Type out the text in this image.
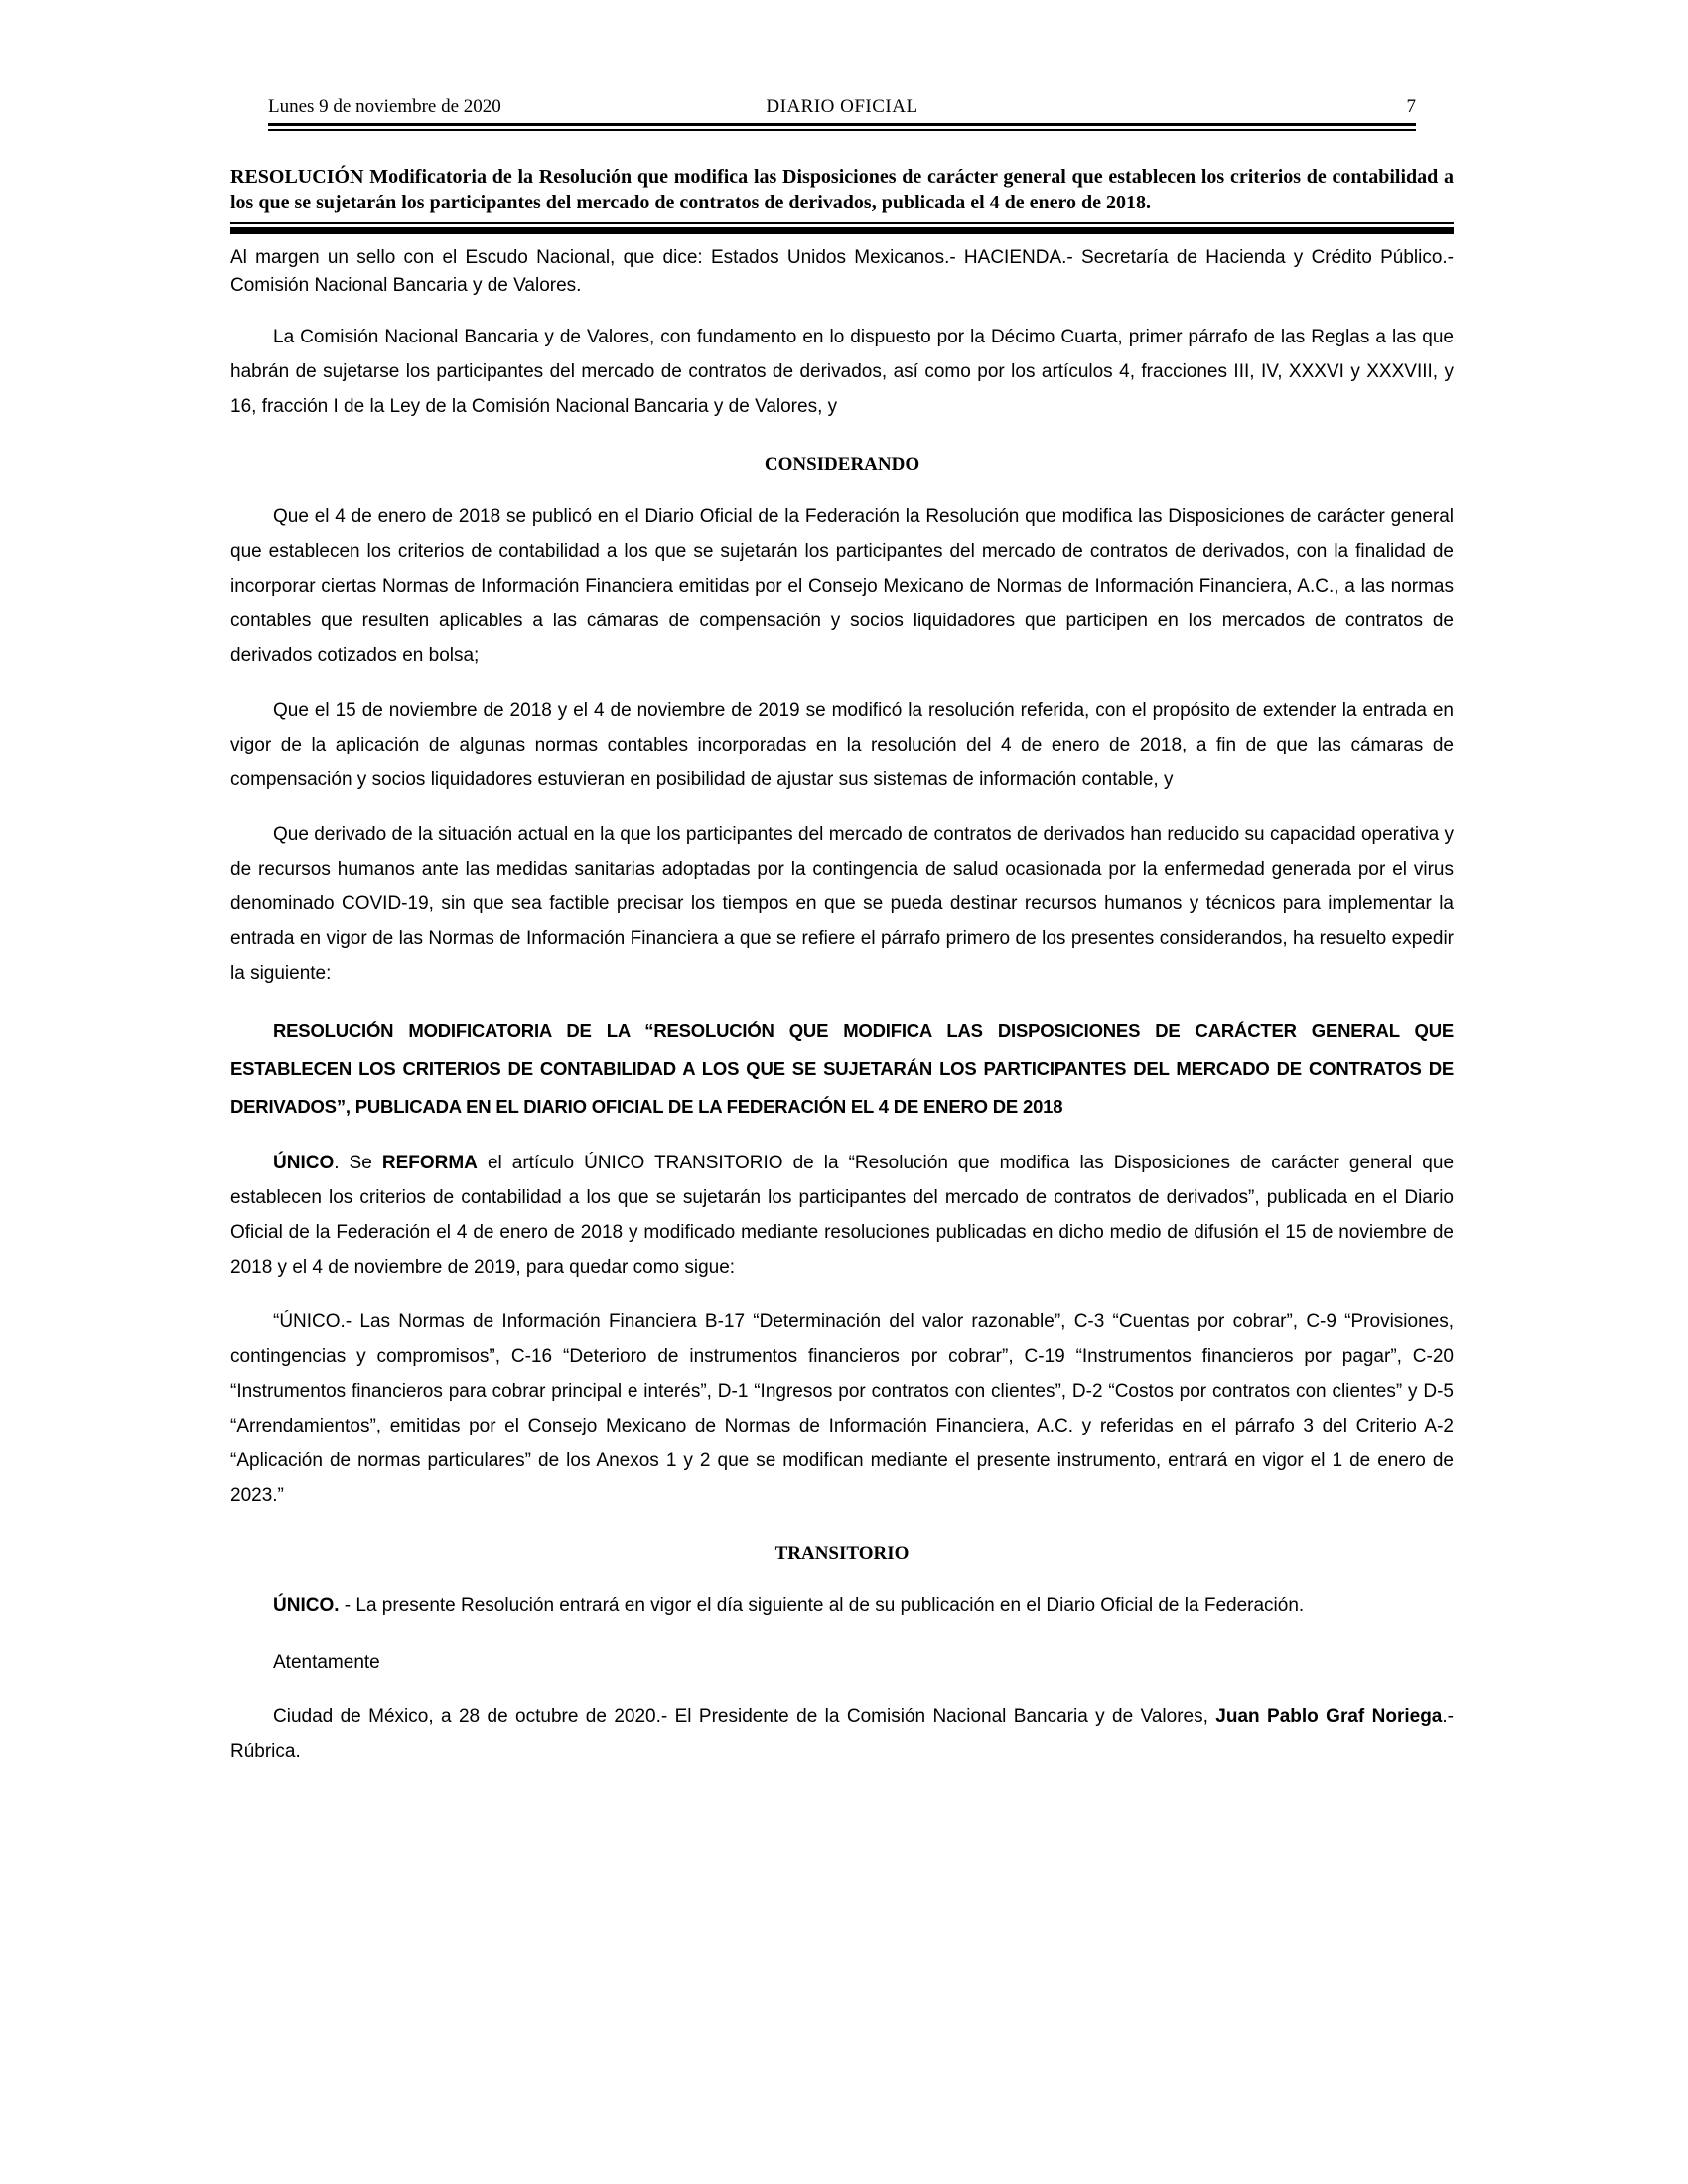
Lunes 9 de noviembre de 2020	DIARIO OFICIAL	7
RESOLUCIÓN Modificatoria de la Resolución que modifica las Disposiciones de carácter general que establecen los criterios de contabilidad a los que se sujetarán los participantes del mercado de contratos de derivados, publicada el 4 de enero de 2018.

Al margen un sello con el Escudo Nacional, que dice: Estados Unidos Mexicanos.- HACIENDA.- Secretaría de Hacienda y Crédito Público.- Comisión Nacional Bancaria y de Valores.

La Comisión Nacional Bancaria y de Valores, con fundamento en lo dispuesto por la Décimo Cuarta, primer párrafo de las Reglas a las que habrán de sujetarse los participantes del mercado de contratos de derivados, así como por los artículos 4, fracciones III, IV, XXXVI y XXXVIII, y 16, fracción I de la Ley de la Comisión Nacional Bancaria y de Valores, y

CONSIDERANDO

Que el 4 de enero de 2018 se publicó en el Diario Oficial de la Federación la Resolución que modifica las Disposiciones de carácter general que establecen los criterios de contabilidad a los que se sujetarán los participantes del mercado de contratos de derivados, con la finalidad de incorporar ciertas Normas de Información Financiera emitidas por el Consejo Mexicano de Normas de Información Financiera, A.C., a las normas contables que resulten aplicables a las cámaras de compensación y socios liquidadores que participen en los mercados de contratos de derivados cotizados en bolsa;

Que el 15 de noviembre de 2018 y el 4 de noviembre de 2019 se modificó la resolución referida, con el propósito de extender la entrada en vigor de la aplicación de algunas normas contables incorporadas en la resolución del 4 de enero de 2018, a fin de que las cámaras de compensación y socios liquidadores estuvieran en posibilidad de ajustar sus sistemas de información contable, y

Que derivado de la situación actual en la que los participantes del mercado de contratos de derivados han reducido su capacidad operativa y de recursos humanos ante las medidas sanitarias adoptadas por la contingencia de salud ocasionada por la enfermedad generada por el virus denominado COVID-19, sin que sea factible precisar los tiempos en que se pueda destinar recursos humanos y técnicos para implementar la entrada en vigor de las Normas de Información Financiera a que se refiere el párrafo primero de los presentes considerandos, ha resuelto expedir la siguiente:

RESOLUCIÓN MODIFICATORIA DE LA “RESOLUCIÓN QUE MODIFICA LAS DISPOSICIONES DE CARÁCTER GENERAL QUE ESTABLECEN LOS CRITERIOS DE CONTABILIDAD A LOS QUE SE SUJETARÁN LOS PARTICIPANTES DEL MERCADO DE CONTRATOS DE DERIVADOS”, PUBLICADA EN EL DIARIO OFICIAL DE LA FEDERACIÓN EL 4 DE ENERO DE 2018

ÚNICO. Se REFORMA el artículo ÚNICO TRANSITORIO de la “Resolución que modifica las Disposiciones de carácter general que establecen los criterios de contabilidad a los que se sujetarán los participantes del mercado de contratos de derivados”, publicada en el Diario Oficial de la Federación el 4 de enero de 2018 y modificado mediante resoluciones publicadas en dicho medio de difusión el 15 de noviembre de 2018 y el 4 de noviembre de 2019, para quedar como sigue:

“ÚNICO.- Las Normas de Información Financiera B-17 “Determinación del valor razonable”, C-3 “Cuentas por cobrar”, C-9 “Provisiones, contingencias y compromisos”, C-16 “Deterioro de instrumentos financieros por cobrar”, C-19 “Instrumentos financieros por pagar”, C-20 “Instrumentos financieros para cobrar principal e interés”, D-1 “Ingresos por contratos con clientes”, D-2 “Costos por contratos con clientes” y D-5 “Arrendamientos”, emitidas por el Consejo Mexicano de Normas de Información Financiera, A.C. y referidas en el párrafo 3 del Criterio A-2 “Aplicación de normas particulares” de los Anexos 1 y 2 que se modifican mediante el presente instrumento, entrará en vigor el 1 de enero de 2023.”

TRANSITORIO

ÚNICO. - La presente Resolución entrará en vigor el día siguiente al de su publicación en el Diario Oficial de la Federación.

Atentamente

Ciudad de México, a 28 de octubre de 2020.- El Presidente de la Comisión Nacional Bancaria y de Valores, Juan Pablo Graf Noriega.- Rúbrica.
